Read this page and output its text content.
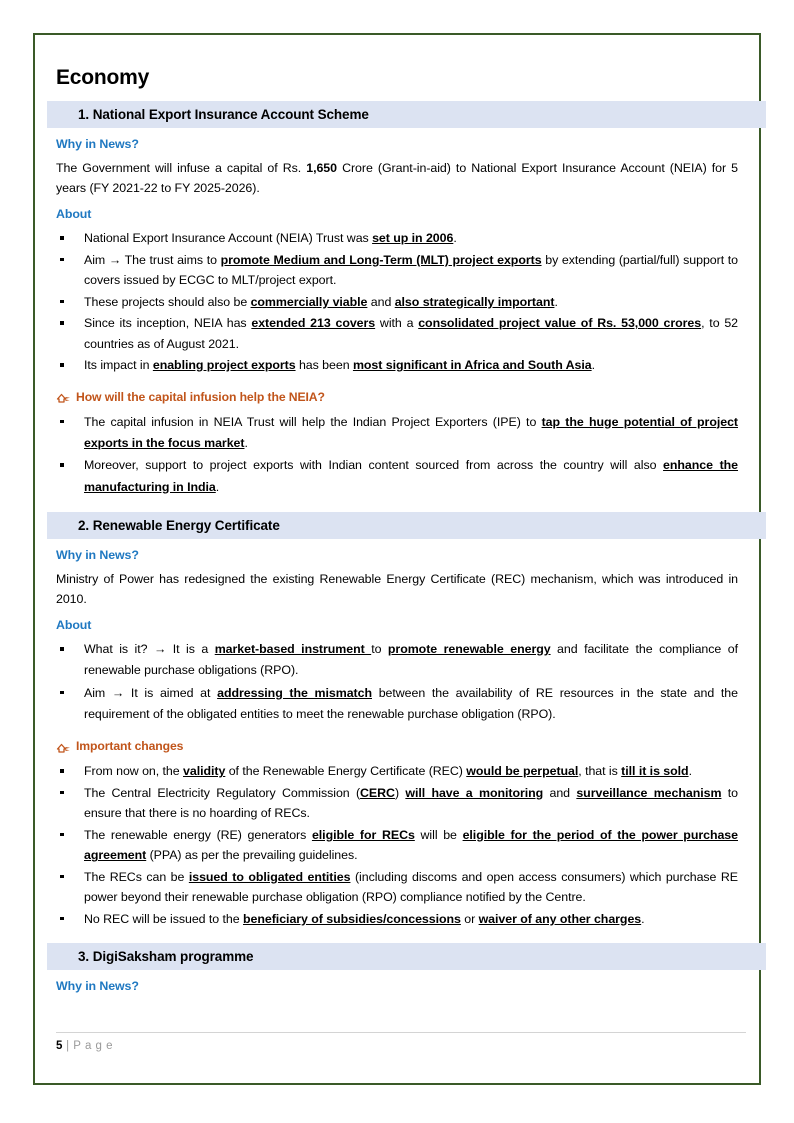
Economy
1. National Export Insurance Account Scheme
Why in News?

The Government will infuse a capital of Rs. 1,650 Crore (Grant-in-aid) to National Export Insurance Account (NEIA) for 5 years (FY 2021-22 to FY 2025-2026).

About
National Export Insurance Account (NEIA) Trust was set up in 2006.
Aim → The trust aims to promote Medium and Long-Term (MLT) project exports by extending (partial/full) support to covers issued by ECGC to MLT/project export.
These projects should also be commercially viable and also strategically important.
Since its inception, NEIA has extended 213 covers with a consolidated project value of Rs. 53,000 crores, to 52 countries as of August 2021.
Its impact in enabling project exports has been most significant in Africa and South Asia.
How will the capital infusion help the NEIA?
The capital infusion in NEIA Trust will help the Indian Project Exporters (IPE) to tap the huge potential of project exports in the focus market.
Moreover, support to project exports with Indian content sourced from across the country will also enhance the manufacturing in India.
2. Renewable Energy Certificate
Why in News?

Ministry of Power has redesigned the existing Renewable Energy Certificate (REC) mechanism, which was introduced in 2010.

About
What is it? → It is a market-based instrument to promote renewable energy and facilitate the compliance of renewable purchase obligations (RPO).
Aim → It is aimed at addressing the mismatch between the availability of RE resources in the state and the requirement of the obligated entities to meet the renewable purchase obligation (RPO).
Important changes
From now on, the validity of the Renewable Energy Certificate (REC) would be perpetual, that is till it is sold.
The Central Electricity Regulatory Commission (CERC) will have a monitoring and surveillance mechanism to ensure that there is no hoarding of RECs.
The renewable energy (RE) generators eligible for RECs will be eligible for the period of the power purchase agreement (PPA) as per the prevailing guidelines.
The RECs can be issued to obligated entities (including discoms and open access consumers) which purchase RE power beyond their renewable purchase obligation (RPO) compliance notified by the Centre.
No REC will be issued to the beneficiary of subsidies/concessions or waiver of any other charges.
3. DigiSaksham programme
Why in News?
5 | P a g e
